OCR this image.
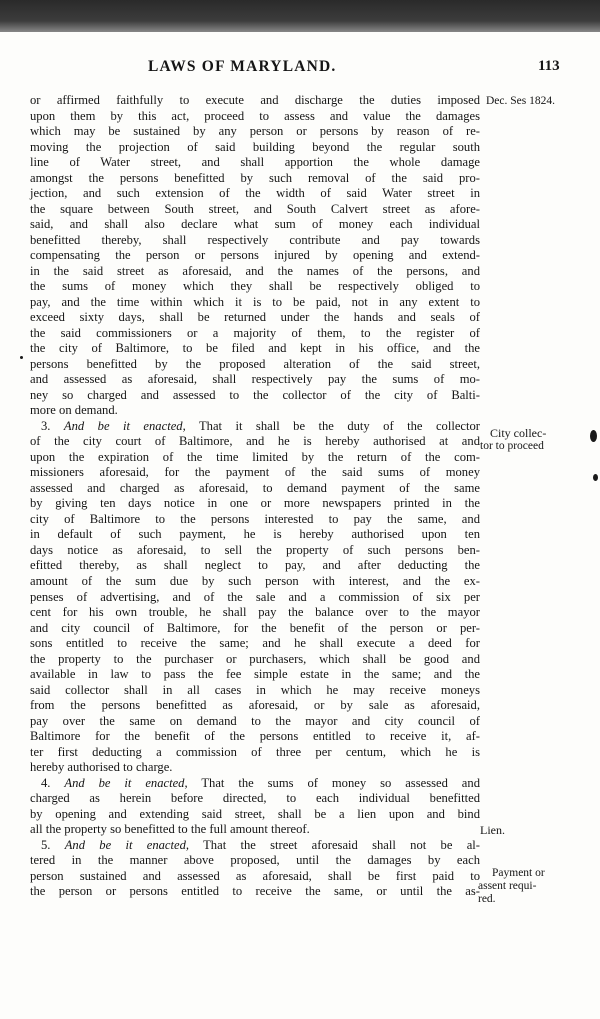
LAWS OF MARYLAND.	113
or affirmed faithfully to execute and discharge the duties imposed
upon them by this act, proceed to assess and value the damages
which may be sustained by any person or persons by reason of re-
moving the projection of said building beyond the regular south
line of Water street, and shall apportion the whole damage
amongst the persons benefitted by such removal of the said pro-
jection, and such extension of the width of said Water street in
the square between South street, and South Calvert street as afore-
said, and shall also declare what sum of money each individual
benefitted thereby, shall respectively contribute and pay towards
compensating the person or persons injured by opening and extend-
in the said street as aforesaid, and the names of the persons, and
the sums of money which they shall be respectively obliged to
pay, and the time within which it is to be paid, not in any extent to
exceed sixty days, shall be returned under the hands and seals of
the said commissioners or a majority of them, to the register of
the city of Baltimore, to be filed and kept in his office, and the
persons benefitted by the proposed alteration of the said street,
and assessed as aforesaid, shall respectively pay the sums of mo-
ney so charged and assessed to the collector of the city of Balti-
more on demand.
3. And be it enacted, That it shall be the duty of the collector
of the city court of Baltimore, and he is hereby authorised at and
upon the expiration of the time limited by the return of the com-
missioners aforesaid, for the payment of the said sums of money
assessed and charged as aforesaid, to demand payment of the same
by giving ten days notice in one or more newspapers printed in the
city of Baltimore to the persons interested to pay the same, and
in default of such payment, he is hereby authorised upon ten
days notice as aforesaid, to sell the property of such persons ben-
efitted thereby, as shall neglect to pay, and after deducting the
amount of the sum due by such person with interest, and the ex-
penses of advertising, and of the sale and a commission of six per
cent for his own trouble, he shall pay the balance over to the mayor
and city council of Baltimore, for the benefit of the person or per-
sons entitled to receive the same; and he shall execute a deed for
the property to the purchaser or purchasers, which shall be good and
available in law to pass the fee simple estate in the same; and the
said collector shall in all cases in which he may receive moneys
from the persons benefitted as aforesaid, or by sale as aforesaid,
pay over the same on demand to the mayor and city council of
Baltimore for the benefit of the persons entitled to receive it, af-
ter first deducting a commission of three per centum, which he is
hereby authorised to charge.
4. And be it enacted, That the sums of money so assessed and
charged as herein before directed, to each individual benefitted
by opening and extending said street, shall be a lien upon and bind
all the property so benefitted to the full amount thereof.
5. And be it enacted, That the street aforesaid shall not be al-
tered in the manner above proposed, until the damages by each
person sustained and assessed as aforesaid, shall be first paid to
the person or persons entitled to receive the same, or until the as-
Dec. Ses 1824.
City collec-
tor to proceed
Lien.
Payment or
assent requi-
red.
